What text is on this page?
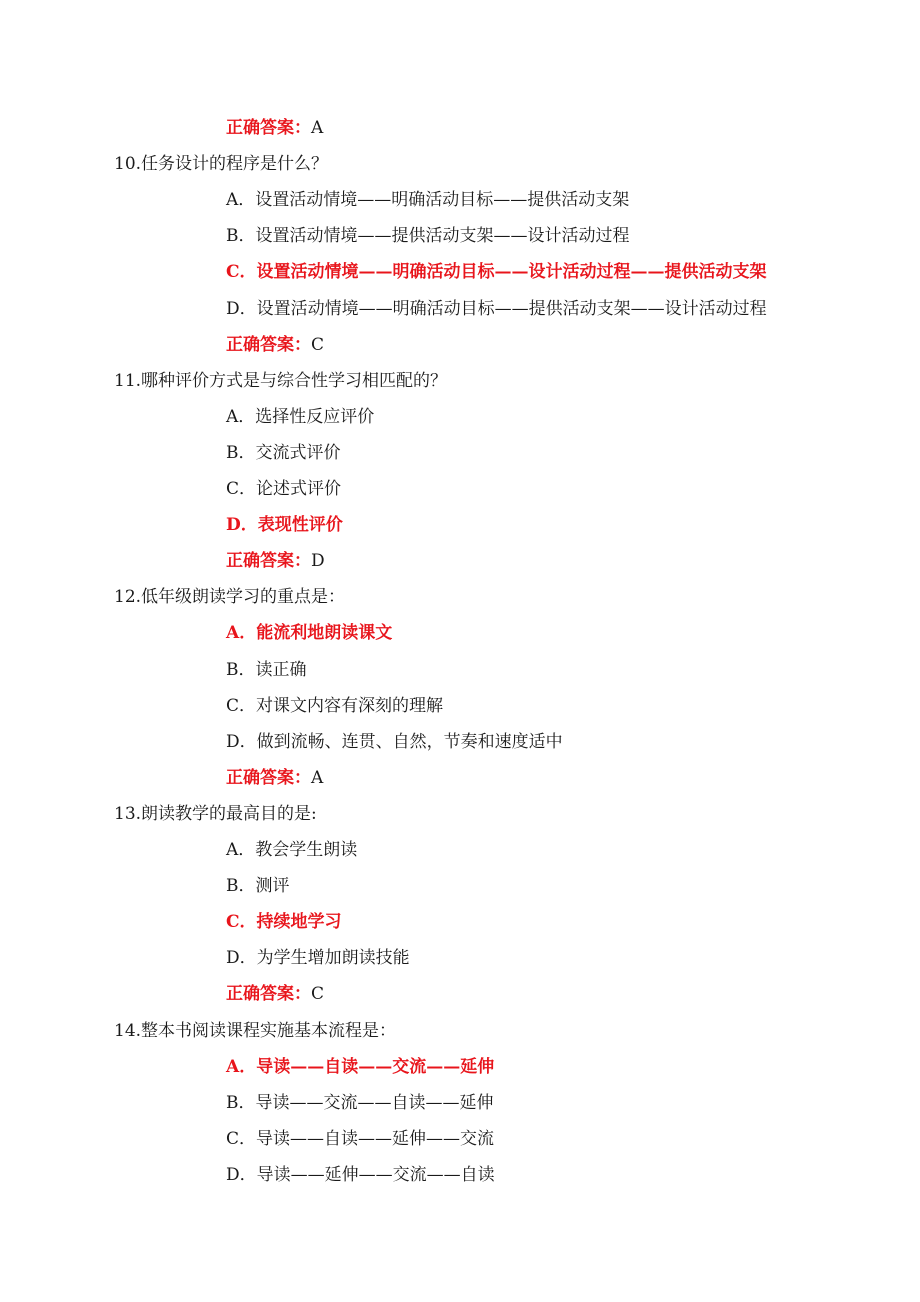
正确答案：A
10.任务设计的程序是什么？
A．设置活动情境——明确活动目标——提供活动支架
B．设置活动情境——提供活动支架——设计活动过程
C．设置活动情境——明确活动目标——设计活动过程——提供活动支架
D．设置活动情境——明确活动目标——提供活动支架——设计活动过程
正确答案：C
11.哪种评价方式是与综合性学习相匹配的？
A．选择性反应评价
B．交流式评价
C．论述式评价
D．表现性评价
正确答案：D
12.低年级朗读学习的重点是：
A．能流利地朗读课文
B．读正确
C．对课文内容有深刻的理解
D．做到流畅、连贯、自然，节奏和速度适中
正确答案：A
13.朗读教学的最高目的是:
A．教会学生朗读
B．测评
C．持续地学习
D．为学生增加朗读技能
正确答案：C
14.整本书阅读课程实施基本流程是：
A．导读——自读——交流——延伸
B．导读——交流——自读——延伸
C．导读——自读——延伸——交流
D．导读——延伸——交流——自读
